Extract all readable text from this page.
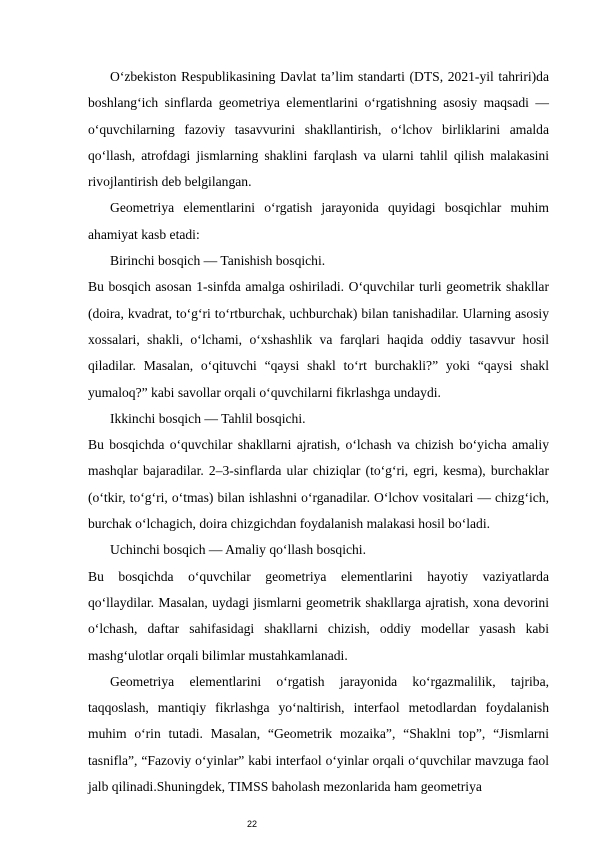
O‘zbekiston Respublikasining Davlat ta’lim standarti (DTS, 2021-yil tahriri)da boshlang‘ich sinflarda geometriya elementlarini o‘rgatishning asosiy maqsadi — o‘quvchilarning fazoviy tasavvurini shakllantirish, o‘lchov birliklarini amalda qo‘llash, atrofdagi jismlarning shaklini farqlash va ularni tahlil qilish malakasini rivojlantirish deb belgilangan.

Geometriya elementlarini o‘rgatish jarayonida quyidagi bosqichlar muhim ahamiyat kasb etadi:

Birinchi bosqich — Tanishish bosqichi.

Bu bosqich asosan 1-sinfda amalga oshiriladi. O‘quvchilar turli geometrik shakllar (doira, kvadrat, to‘g‘ri to‘rtburchak, uchburchak) bilan tanishadilar. Ularning asosiy xossalari, shakli, o‘lchami, o‘xshashlik va farqlari haqida oddiy tasavvur hosil qiladilar. Masalan, o‘qituvchi “qaysi shakl to‘rt burchakli?” yoki “qaysi shakl yumaloq?” kabi savollar orqali o‘quvchilarni fikrlashga undaydi.

Ikkinchi bosqich — Tahlil bosqichi.

Bu bosqichda o‘quvchilar shakllarni ajratish, o‘lchash va chizish bo‘yicha amaliy mashqlar bajaradilar. 2–3-sinflarda ular chiziqlar (to‘g‘ri, egri, kesma), burchaklar (o‘tkir, to‘g‘ri, o‘tmas) bilan ishlashni o‘rganadilar. O‘lchov vositalari — chizg‘ich, burchak o‘lchagich, doira chizgichdan foydalanish malakasi hosil bo‘ladi.

Uchinchi bosqich — Amaliy qo‘llash bosqichi.

Bu bosqichda o‘quvchilar geometriya elementlarini hayotiy vaziyatlarda qo‘llaydilar. Masalan, uydagi jismlarni geometrik shakllarga ajratish, xona devorini o‘lchash, daftar sahifasidagi shakllarni chizish, oddiy modellar yasash kabi mashg‘ulotlar orqali bilimlar mustahkamlanadi.

Geometriya elementlarini o‘rgatish jarayonida ko‘rgazmalilik, tajriba, taqqoslash, mantiqiy fikrlashga yo‘naltirish, interfaol metodlardan foydalanish muhim o‘rin tutadi. Masalan, “Geometrik mozaika”, “Shaklni top”, “Jismlarni tasnifla”, “Fazoviy o‘yinlar” kabi interfaol o‘yinlar orqali o‘quvchilar mavzuga faol jalb qilinadi.Shuningdek, TIMSS baholash mezonlarida ham geometriya

22
